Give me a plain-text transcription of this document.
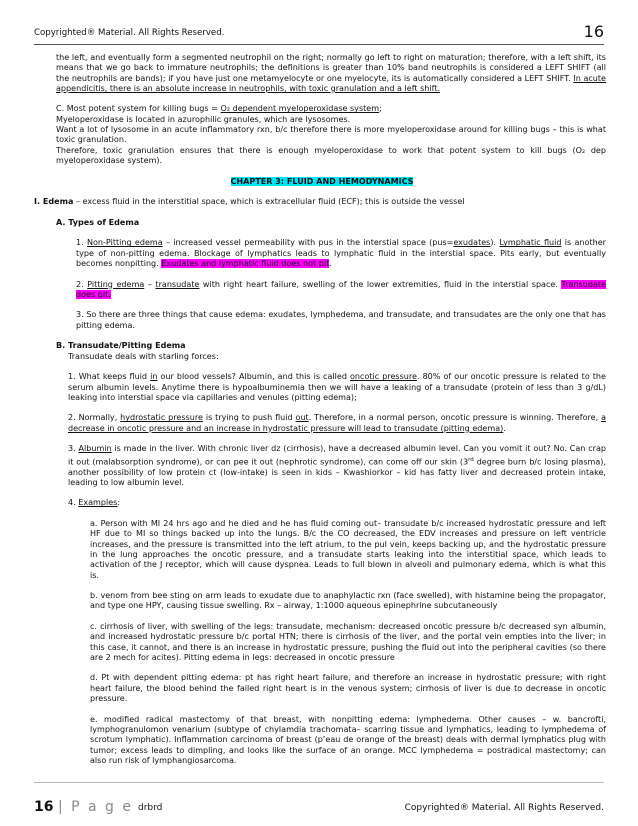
Copyrighted® Material. All Rights Reserved.	16

the left, and eventually form a segmented neutrophil on the right; normally go left to right on maturation; therefore, with a left shift, its means that we go back to immature neutrophils; the definitions is greater than 10% band neutrophils is considered a LEFT SHIFT (all the neutrophils are bands); if you have just one metamyelocyte or one myelocyte, its is automatically considered a LEFT SHIFT. In acute appendicitis, there is an absolute increase in neutrophils, with toxic granulation and a left shift.

C. Most potent system for killing bugs = O₂ dependent myeloperoxidase system;

Myeloperoxidase is located in azurophilic granules, which are lysosomes.

Want a lot of lysosome in an acute inflammatory rxn, b/c therefore there is more myeloperoxidase around for killing bugs – this is what toxic granulation.

Therefore, toxic granulation ensures that there is enough myeloperoxidase to work that potent system to kill bugs (O₂ dep myeloperoxidase system).

CHAPTER 3: FLUID AND HEMODYNAMICS

I. Edema – excess fluid in the interstitial space, which is extracellular fluid (ECF); this is outside the vessel

A. Types of Edema

1. Non-Pitting edema – increased vessel permeability with pus in the interstial space (pus=exudates). Lymphatic fluid is another type of non-pitting edema. Blockage of lymphatics leads to lymphatic fluid in the interstial space. Pits early, but eventually becomes nonpitting. Exudates and lymphatic fluid does not pit.

2. Pitting edema – transudate with right heart failure, swelling of the lower extremities, fluid in the interstial space. Transudate does pit.

3. So there are three things that cause edema: exudates, lymphedema, and transudate, and transudates are the only one that has pitting edema.

B. Transudate/Pitting Edema

Transudate deals with starling forces:

1. What keeps fluid in our blood vessels? Albumin, and this is called oncotic pressure. 80% of our oncotic pressure is related to the serum albumin levels. Anytime there is hypoalbuminemia then we will have a leaking of a transudate (protein of less than 3 g/dL) leaking into interstial space via capillaries and venules (pitting edema);

2. Normally, hydrostatic pressure is trying to push fluid out. Therefore, in a normal person, oncotic pressure is winning. Therefore, a decrease in oncotic pressure and an increase in hydrostatic pressure will lead to transudate (pitting edema).

3. Albumin is made in the liver. With chronic liver dz (cirrhosis), have a decreased albumin level. Can you vomit it out? No. Can crap it out (malabsorption syndrome), or can pee it out (nephrotic syndrome), can come off our skin (3rd degree burn b/c losing plasma), another possibility of low protein ct (low-intake) is seen in kids – Kwashiorkor – kid has fatty liver and decreased protein intake, leading to low albumin level.

4. Examples:

a. Person with MI 24 hrs ago and he died and he has fluid coming out– transudate b/c increased hydrostatic pressure and left HF due to MI so things backed up into the lungs. B/c the CO decreased, the EDV increases and pressure on left ventricle increases, and the pressure is transmitted into the left atrium, to the pul vein, keeps backing up, and the hydrostatic pressure in the lung approaches the oncotic pressure, and a transudate starts leaking into the interstitial space, which leads to activation of the J receptor, which will cause dyspnea. Leads to full blown in alveoli and pulmonary edema, which is what this is.

b. venom from bee sting on arm leads to exudate due to anaphylactic rxn (face swelled), with histamine being the propagator, and type one HPY, causing tissue swelling. Rx – airway, 1:1000 aqueous epinephrine subcutaneously

c. cirrhosis of liver, with swelling of the legs: transudate, mechanism: decreased oncotic pressure b/c decreased syn albumin, and increased hydrostatic pressure b/c portal HTN; there is cirrhosis of the liver, and the portal vein empties into the liver; in this case, it cannot, and there is an increase in hydrostatic pressure, pushing the fluid out into the peripheral cavities (so there are 2 mech for acites). Pitting edema in legs: decreased in oncotic pressure

d. Pt with dependent pitting edema: pt has right heart failure, and therefore an increase in hydrostatic pressure; with right heart failure, the blood behind the failed right heart is in the venous system; cirrhosis of liver is due to decrease in oncotic pressure.

e. modified radical mastectomy of that breast, with nonpitting edema: lymphedema. Other causes – w. bancrofti, lymphogranulomon venarium (subtype of chylamdia trachomata– scarring tissue and lymphatics, leading to lymphedema of scrotum lymphatic). Inflammation carcinoma of breast (p’eau de orange of the breast) deals with dermal lymphatics plug with tumor; excess leads to dimpling, and looks like the surface of an orange. MCC lymphedema = postradical mastectomy; can also run risk of lymphangiosarcoma.

16 | P a g e drbrd	Copyrighted® Material. All Rights Reserved.
